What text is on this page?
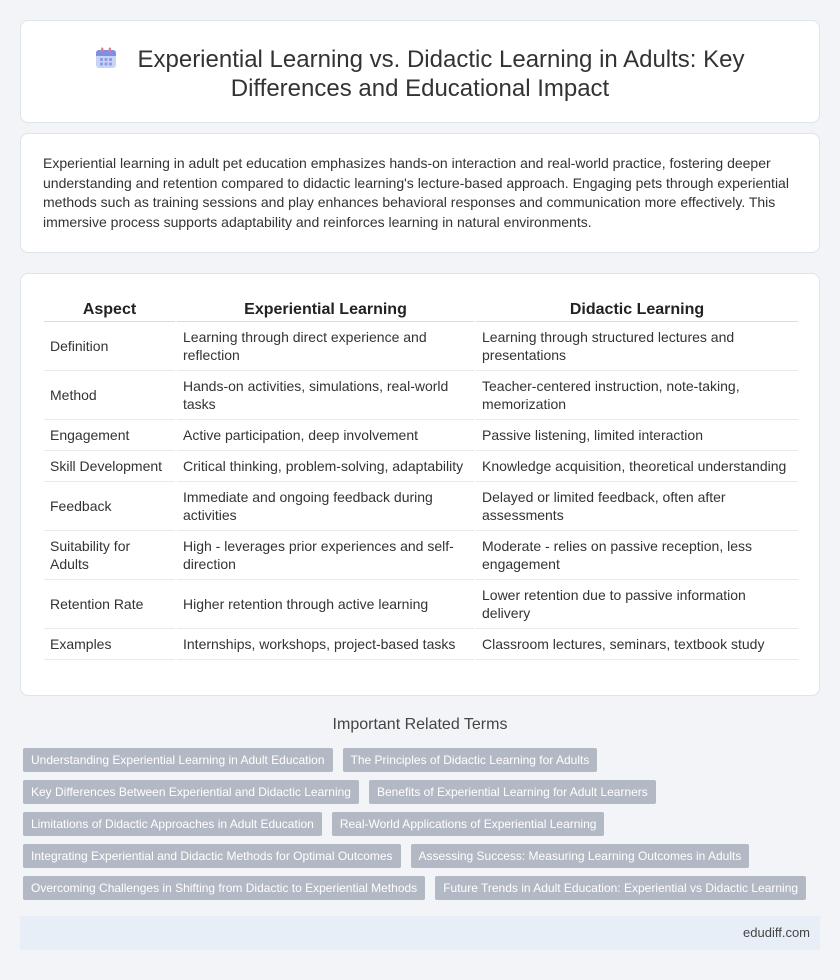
Experiential Learning vs. Didactic Learning in Adults: Key
Differences and Educational Impact

Experiential learning in adult pet education emphasizes hands-on interaction and real-world practice, fostering deeper understanding and retention compared to didactic learning's lecture-based approach. Engaging pets through experiential methods such as training sessions and play enhances behavioral responses and communication more effectively. This immersive process supports adaptability and reinforces learning in natural environments.

Aspect	Experiential Learning	Didactic Learning
Definition	Learning through direct experience and reflection	Learning through structured lectures and presentations
Method	Hands-on activities, simulations, real-world tasks	Teacher-centered instruction, note-taking, memorization
Engagement	Active participation, deep involvement	Passive listening, limited interaction
Skill Development	Critical thinking, problem-solving, adaptability	Knowledge acquisition, theoretical understanding
Feedback	Immediate and ongoing feedback during activities	Delayed or limited feedback, often after assessments
Suitability for Adults	High - leverages prior experiences and self-direction	Moderate - relies on passive reception, less engagement
Retention Rate	Higher retention through active learning	Lower retention due to passive information delivery
Examples	Internships, workshops, project-based tasks	Classroom lectures, seminars, textbook study
Important Related Terms
Understanding Experiential Learning in Adult Education	The Principles of Didactic Learning for Adults
Key Differences Between Experiential and Didactic Learning	Benefits of Experiential Learning for Adult Learners
Limitations of Didactic Approaches in Adult Education	Real-World Applications of Experiential Learning
Integrating Experiential and Didactic Methods for Optimal Outcomes	Assessing Success: Measuring Learning Outcomes in Adults
Overcoming Challenges in Shifting from Didactic to Experiential Methods	Future Trends in Adult Education: Experiential vs Didactic Learning
edudiff.com
